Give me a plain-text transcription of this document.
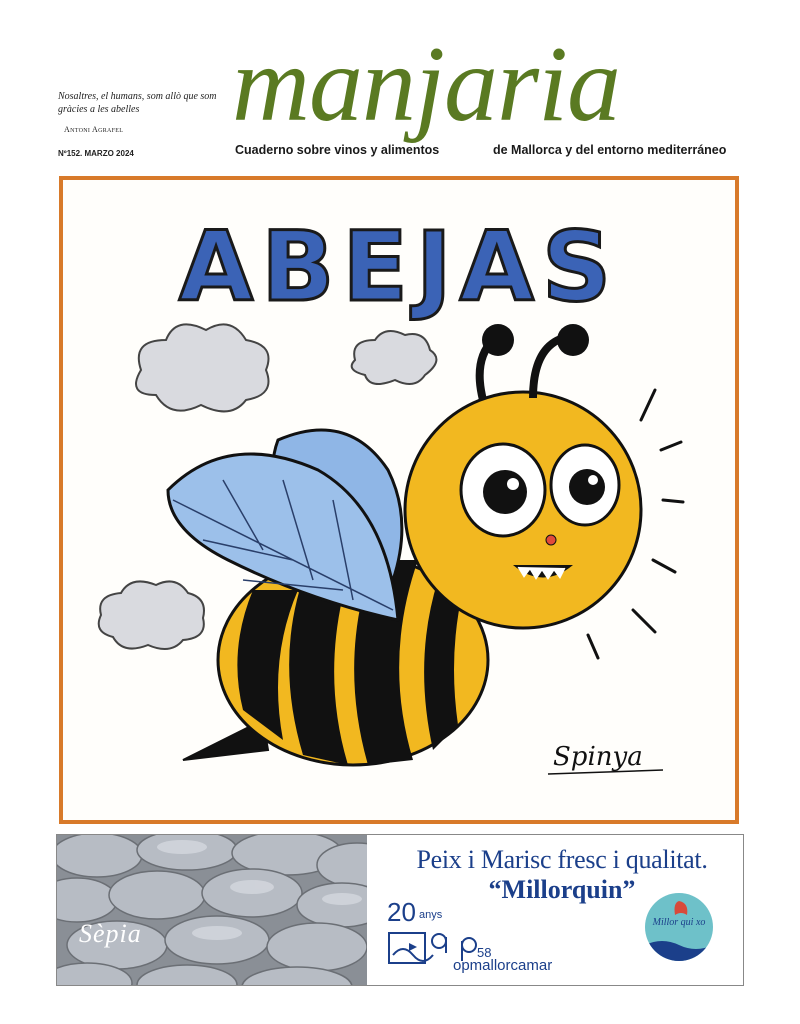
Nosaltres, el humans, som allò que som gràcies a les abelles
Antoni Agrafel
Nº152. MARZO 2024
manjaria
Cuaderno sobre vinos y alimentos	de Mallorca y del entorno mediterráneo
ABEJAS
Spinya
Sèpia
Peix i Marisc fresc i qualitat.
“Millorquin”
20 anys
58
opmallorcamar
Millor qui xo
